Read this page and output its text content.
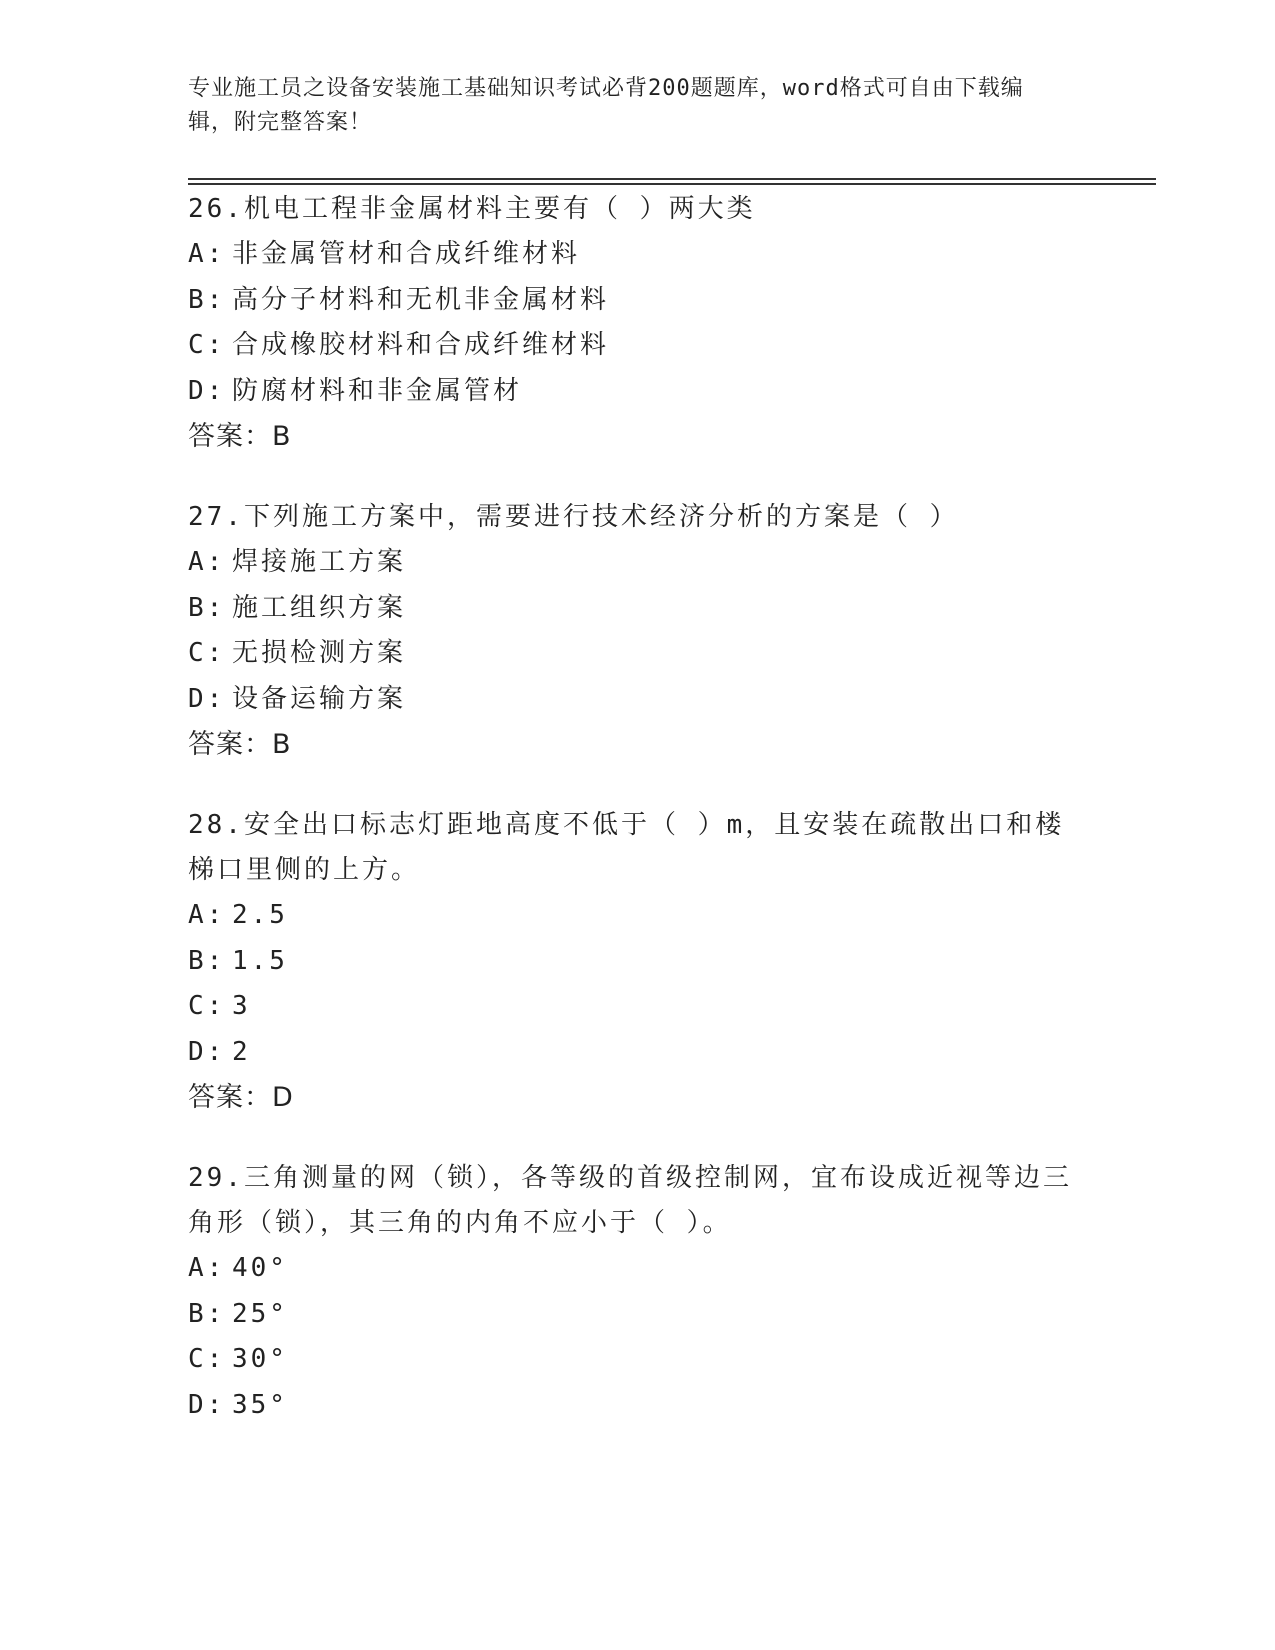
专业施工员之设备安装施工基础知识考试必背200题题库，word格式可自由下载编辑，附完整答案！

26.机电工程非金属材料主要有（ ）两大类

A: 非金属管材和合成纤维材料
B: 高分子材料和无机非金属材料
C: 合成橡胶材料和合成纤维材料
D: 防腐材料和非金属管材
答案：B

27.下列施工方案中，需要进行技术经济分析的方案是（ ）

A: 焊接施工方案
B: 施工组织方案
C: 无损检测方案
D: 设备运输方案
答案：B

28.安全出口标志灯距地高度不低于（ ）m，且安装在疏散出口和楼梯口里侧的上方。

A: 2.5
B: 1.5
C: 3
D: 2
答案：D

29.三角测量的网（锁），各等级的首级控制网，宜布设成近视等边三角形（锁），其三角的内角不应小于（ ）。

A: 40°
B: 25°
C: 30°
D: 35°
